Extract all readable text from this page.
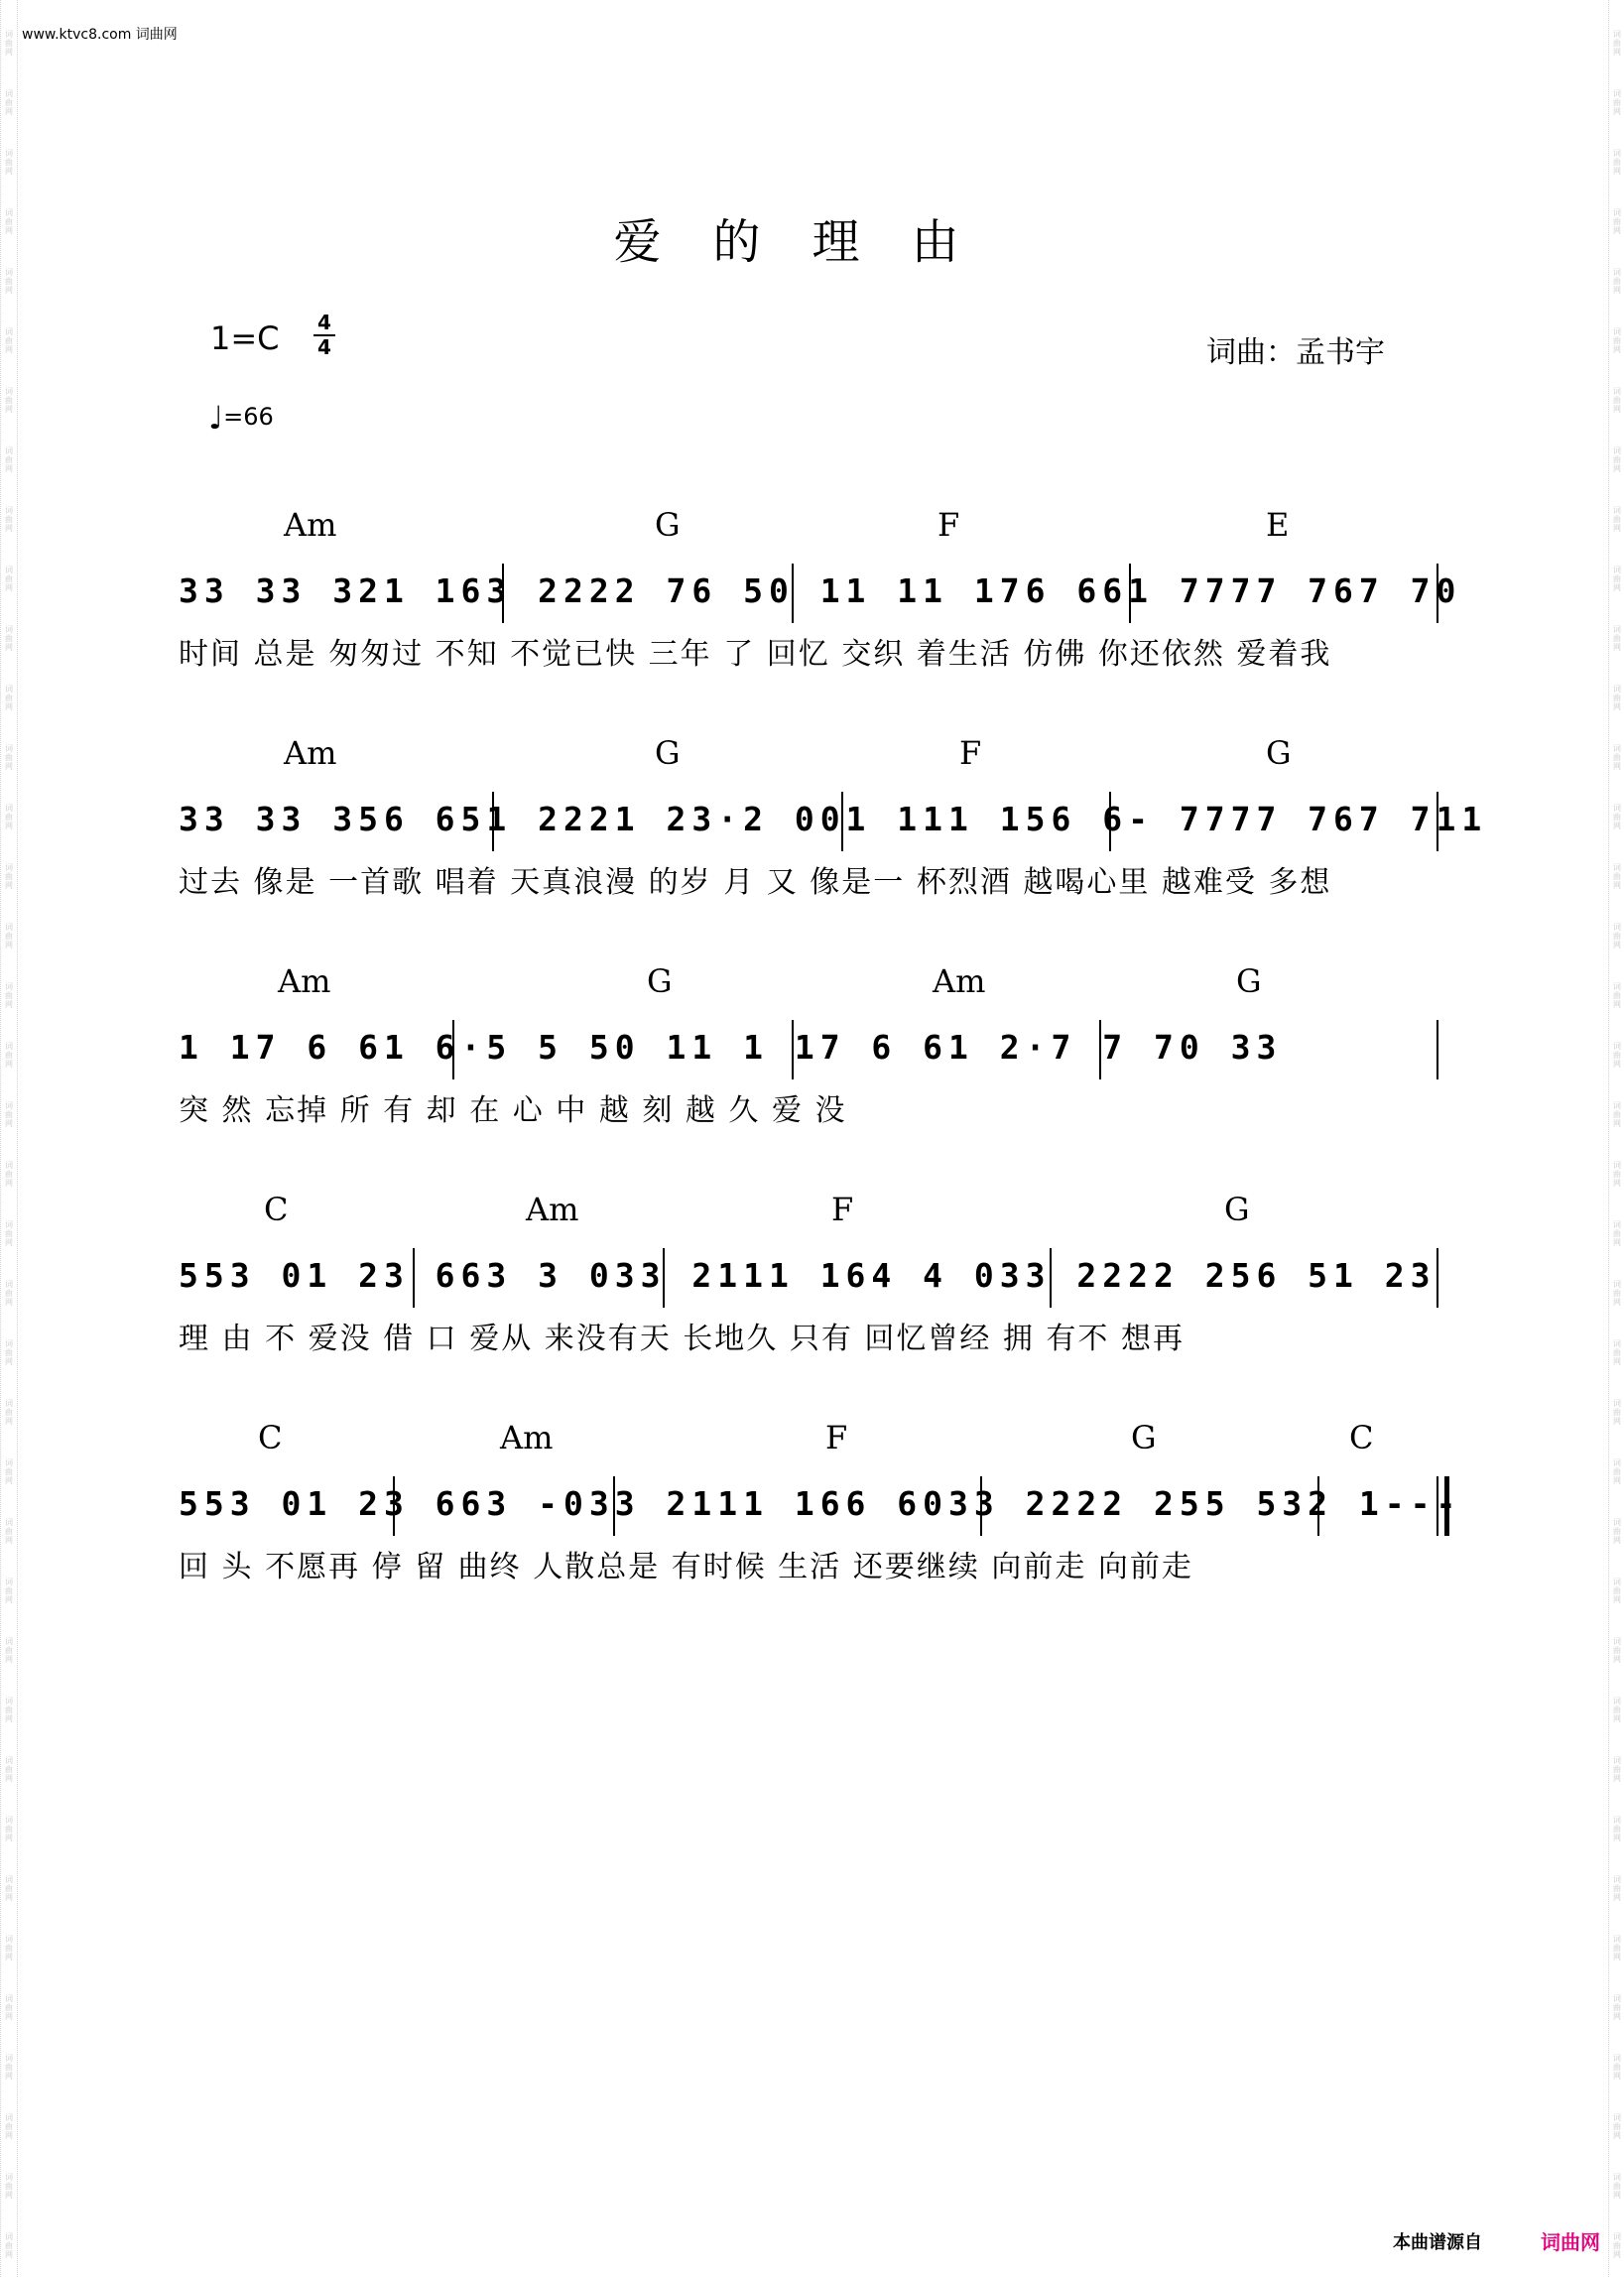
词
曲
网
词
曲
网
词
曲
网
词
曲
网
词
曲
网
词
曲
网
词
曲
网
词
曲
网
词
曲
网
词
曲
网
词
曲
网
词
曲
网
词
曲
网
词
曲
网
词
曲
网
词
曲
网
词
曲
网
词
曲
网
词
曲
网
词
曲
网
词
曲
网
词
曲
网
词
曲
网
词
曲
网
词
曲
网
词
曲
网
词
曲
网
词
曲
网
词
曲
网
词
曲
网
词
曲
网
词
曲
网
词
曲
网
词
曲
网
词
曲
网
词
曲
网
词
曲
网
词
曲
网
词
曲
网
词
曲
网
词
曲
网
词
曲
网
词
曲
网
词
曲
网
词
曲
网
词
曲
网
词
曲
网
词
曲
网
词
曲
网
词
曲
网
词
曲
网
词
曲
网
词
曲
网
词
曲
网
词
曲
网
词
曲
网
词
曲
网
词
曲
网
词
曲
网
词
曲
网
词
曲
网
词
曲
网
词
曲
网
词
曲
网
词
曲
网
词
曲
网
词
曲
网
词
曲
网
词
曲
网
词
曲
网
词
曲
网
词
曲
网
词
曲
网
词
曲
网
词
曲
网
词
曲
网
www.ktvc8.com 词曲网
爱的理由
1=C 4
4
♩=66
词曲：孟书宇
Am	G	F	E
33 33 321 163 2222 76 50 11 11 176 661 7777 767 70
时间 总是 匆匆过 不知 不觉已快 三年 了 回忆 交织 着生活 仿佛 你还依然 爱着我
Am	G	F	G
33 33 356 651 2221 23·2 001 111 156 6- 7777 767 711
过去 像是 一首歌 唱着 天真浪漫 的岁 月 又 像是一 杯烈酒 越喝心里 越难受 多想
Am	G	Am	G
1 17 6 61 6·5 5 50 11 1 17 6 61 2·7 7 70 33
突 然 忘掉 所 有 却 在 心 中 越 刻 越 久 爱 没
C	Am	F	G
553 01 23 663 3 033 2111 164 4 033 2222 256 51 23
理 由 不 爱没 借 口 爱从 来没有天 长地久 只有 回忆曾经 拥 有不 想再
C	Am	F	G	C
553 01 23 663 -033 2111 166 6033 2222 255 532 1---
回 头 不愿再 停 留 曲终 人散总是 有时候 生活 还要继续 向前走 向前走
本曲谱源自	词曲网
